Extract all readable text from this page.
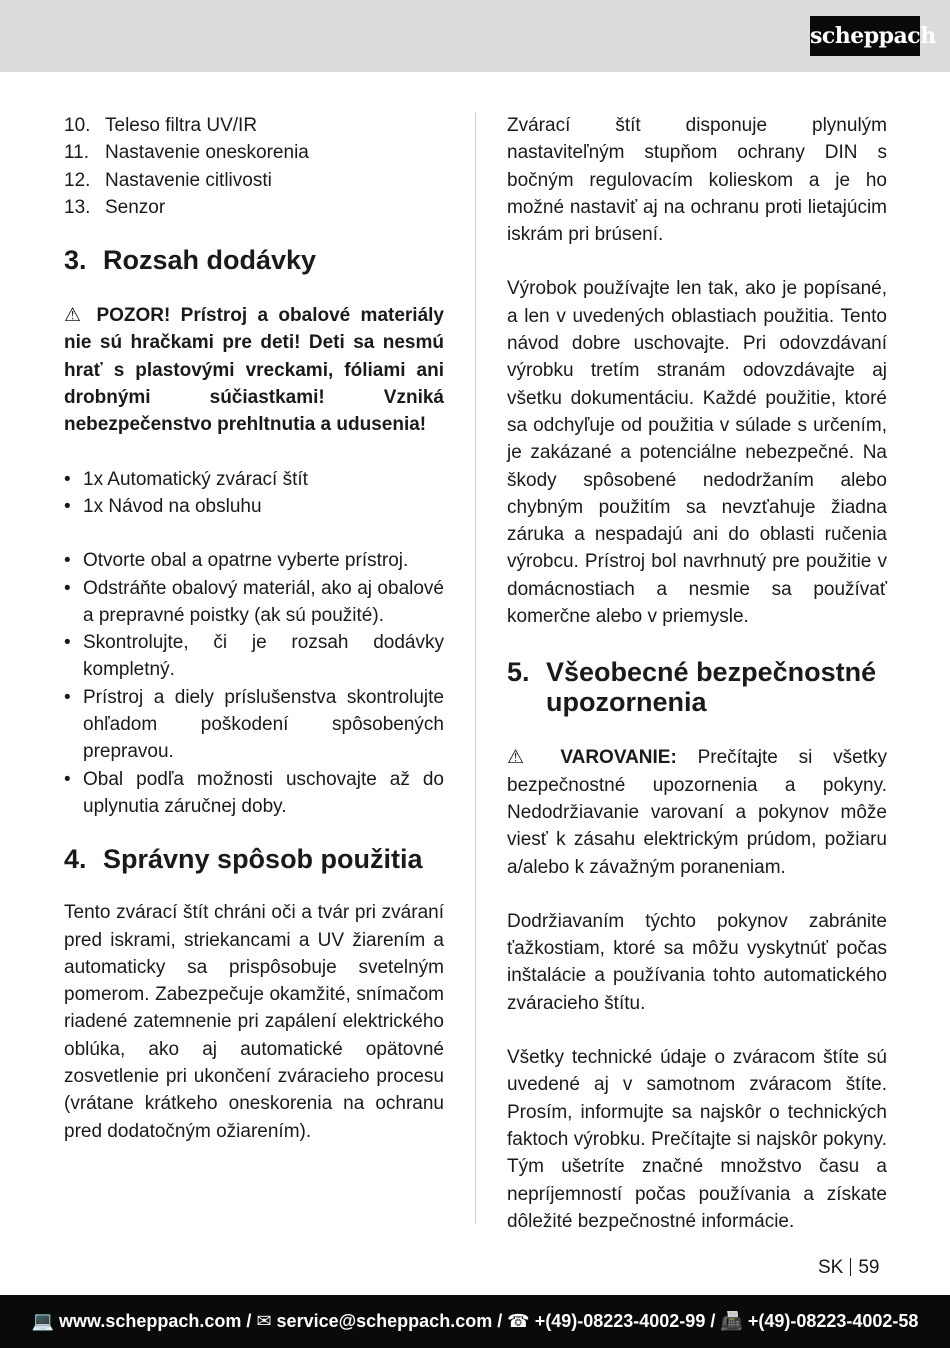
scheppach
10. Teleso filtra UV/IR
11. Nastavenie oneskorenia
12. Nastavenie citlivosti
13. Senzor
3. Rozsah dodávky

⚠ POZOR! Prístroj a obalové materiály nie sú hračkami pre deti! Deti sa nesmú hrať s plastovými vreckami, fóliami ani drobnými súčiastkami! Vzniká nebezpečenstvo prehltnutia a udusenia!

• 1x Automatický zvárací štít
• 1x Návod na obsluhu
• Otvorte obal a opatrne vyberte prístroj.
• Odstráňte obalový materiál, ako aj obalové a prepravné poistky (ak sú použité).
• Skontrolujte, či je rozsah dodávky kompletný.
• Prístroj a diely príslušenstva skontrolujte ohľadom poškodení spôsobených prepravou.
• Obal podľa možnosti uschovajte až do uplynutia záručnej doby.
4. Správny spôsob použitia

Tento zvárací štít chráni oči a tvár pri zváraní pred iskrami, striekancami a UV žiarením a automaticky sa prispôsobuje svetelným pomerom. Zabezpečuje okamžité, snímačom riadené zatemnenie pri zapálení elektrického oblúka, ako aj automatické opätovné zosvetlenie pri ukončení zváracieho procesu (vrátane krátkeho oneskorenia na ochranu pred dodatočným ožiarením).

Zvárací štít disponuje plynulým nastaviteľným stupňom ochrany DIN s bočným regulovacím kolieskom a je ho možné nastaviť aj na ochranu proti lietajúcim iskrám pri brúsení.

Výrobok používajte len tak, ako je popísané, a len v uvedených oblastiach použitia. Tento návod dobre uschovajte. Pri odovzdávaní výrobku tretím stranám odovzdávajte aj všetku dokumentáciu. Každé použitie, ktoré sa odchyľuje od použitia v súlade s určením, je zakázané a potenciálne nebezpečné. Na škody spôsobené nedodržaním alebo chybným použitím sa nevzťahuje žiadna záruka a nespadajú ani do oblasti ručenia výrobcu. Prístroj bol navrhnutý pre použitie v domácnostiach a nesmie sa používať komerčne alebo v priemysle.

5. Všeobecné bezpečnostné
upozornenia

⚠ VAROVANIE: Prečítajte si všetky bezpečnostné upozornenia a pokyny. Nedodržiavanie varovaní a pokynov môže viesť k zásahu elektrickým prúdom, požiaru a/alebo k závažným poraneniam.

Dodržiavaním týchto pokynov zabránite ťažkostiam, ktoré sa môžu vyskytnúť počas inštalácie a používania tohto automatického zváracieho štítu.

Všetky technické údaje o zváracom štíte sú uvedené aj v samotnom zváracom štíte. Prosím, informujte sa najskôr o technických faktoch výrobku. Prečítajte si najskôr pokyny. Tým ušetríte značné množstvo času a nepríjemností počas používania a získate dôležité bezpečnostné informácie.

SK 59
💻 www.scheppach.com / ✉ service@scheppach.com / ☎ +(49)-08223-4002-99 / 📠 +(49)-08223-4002-58
